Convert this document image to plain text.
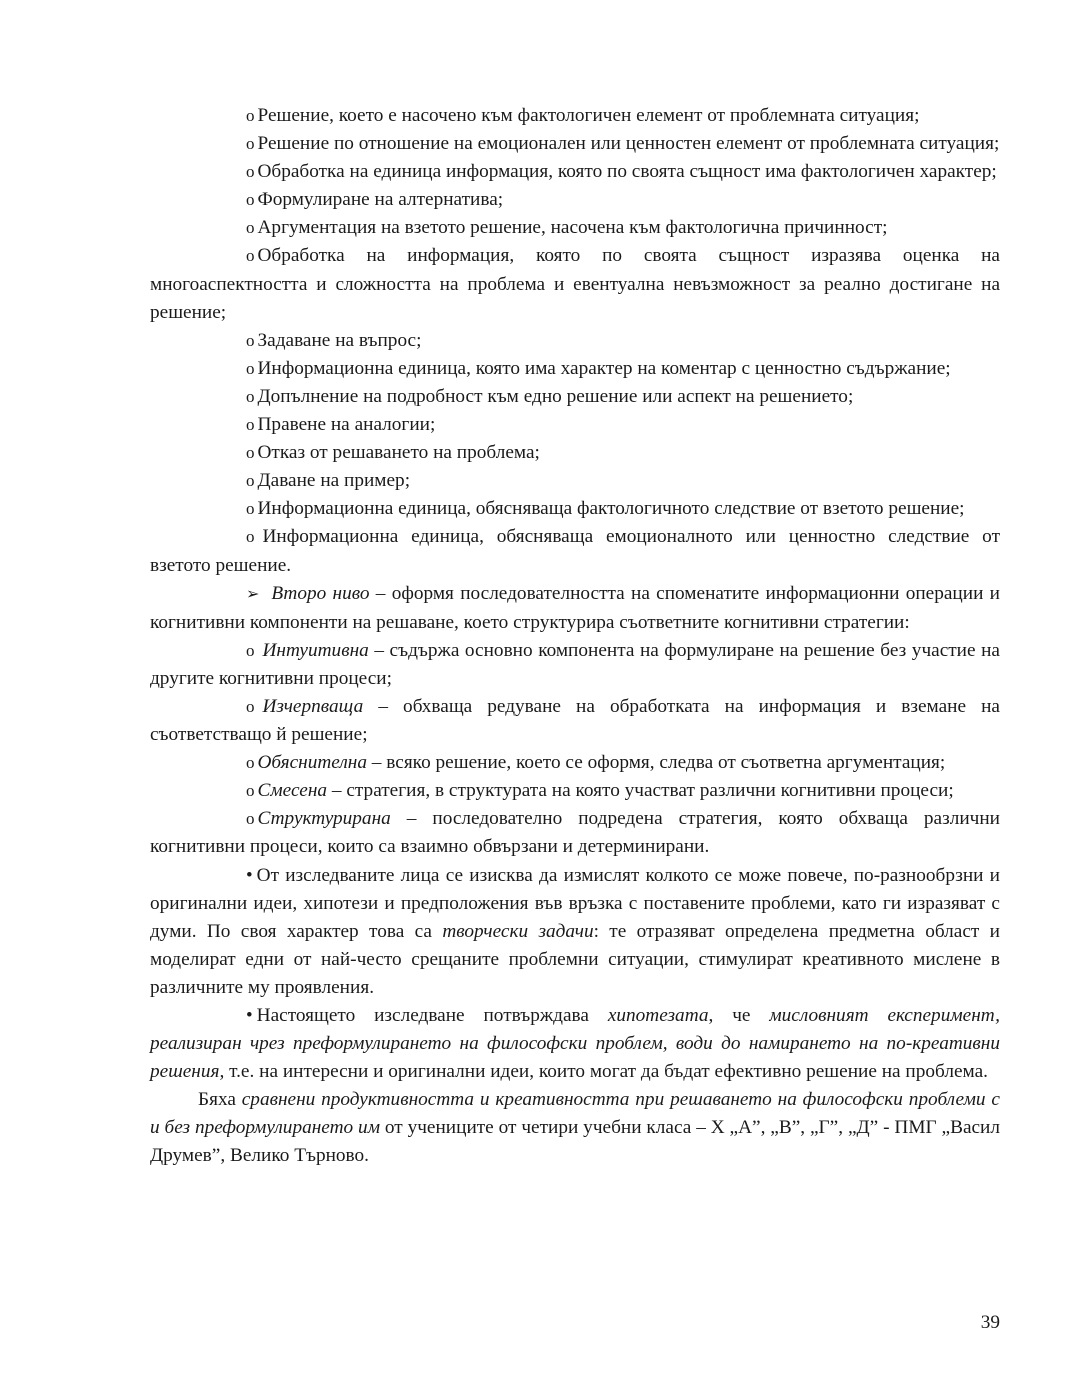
o Решение, което е насочено към фактологичен елемент от проблемната ситуация;

o Решение по отношение на емоционален или ценностен елемент от проблемната ситуация;

o Обработка на единица информация, която по своята същност има фактологичен характер;

o Формулиране на алтернатива;

o Аргументация на взетото решение, насочена към фактологична причинност;

o Обработка на информация, която по своята същност изразява оценка на многоаспектността и сложността на проблема и евентуална невъзможност за реално достигане на решение;

o Задаване на въпрос;

o Информационна единица, която има характер на коментар с ценностно съдържание;

o Допълнение на подробност към едно решение или аспект на решението;

o Правене на аналогии;

o Отказ от решаването на проблема;

o Даване на пример;

o Информационна единица, обясняваща фактологичното следствие от взетото решение;

o Информационна единица, обясняваща емоционалното или ценностно следствие от взетото решение.

➢ Второ ниво – оформя последователността на споменатите информационни операции и когнитивни компоненти на решаване, което структурира съответните когнитивни стратегии:

o Интуитивна – съдържа основно компонента на формулиране на решение без участие на другите когнитивни процеси;

o Изчерпваща – обхваща редуване на обработката на информация и вземане на съответстващо й решение;

o Обяснителна – всяко решение, което се оформя, следва от съответна аргументация;

o Смесена – стратегия, в структурата на която участват различни когнитивни процеси;

o Структурирана – последователно подредена стратегия, която обхваща различни когнитивни процеси, които са взаимно обвързани и детерминирани.

• От изследваните лица се изисква да измислят колкото се може повече, по-разнообрзни и оригинални идеи, хипотези и предположения във връзка с поставените проблеми, като ги изразяват с думи. По своя характер това са творчески задачи: те отразяват определена предметна област и моделират едни от най-често срещаните проблемни ситуации, стимулират креативното мислене в различните му проявления.

• Настоящето изследване потвърждава хипотезата, че мисловният експеримент, реализиран чрез преформулирането на философски проблем, води до намирането на по-креативни решения, т.е. на интересни и оригинални идеи, които могат да бъдат ефективно решение на проблема.

Бяха сравнени продуктивността и креативността при решаването на философски проблеми с и без преформулирането им от учениците от четири учебни класа – X „А”, „В”, „Г”, „Д” - ПМГ „Васил Друмев”, Велико Търново.

39
